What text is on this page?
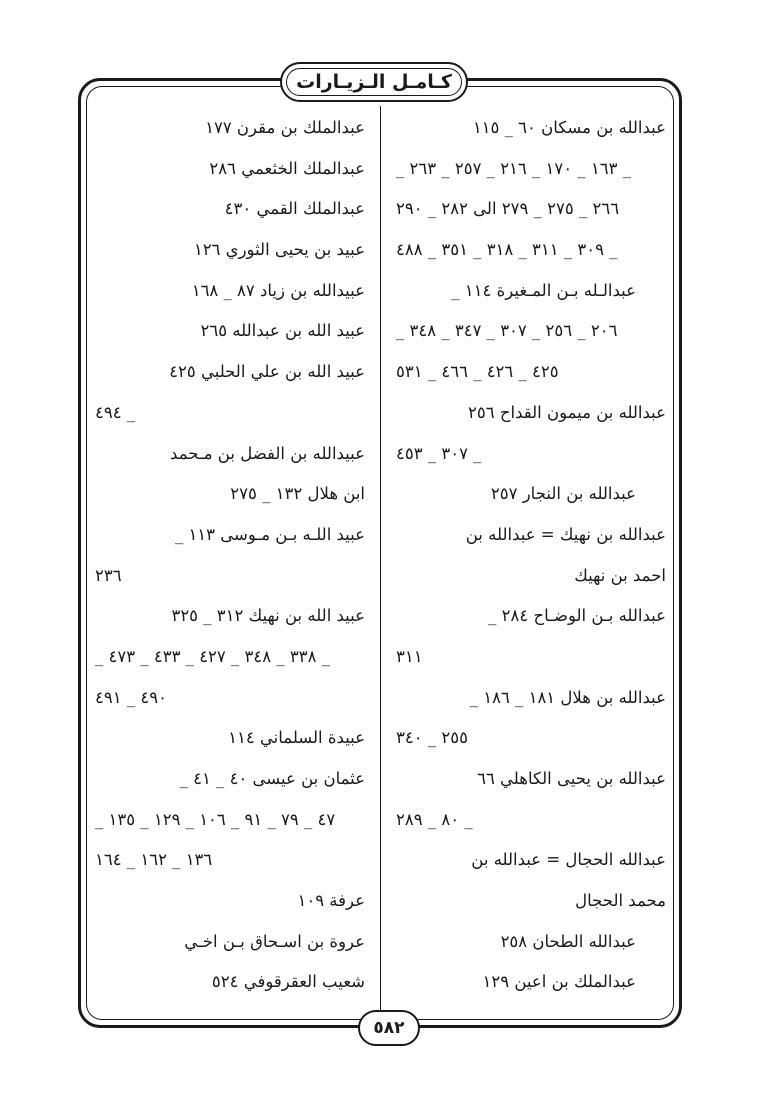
كـامـل الـزيـارات
عبدالله بن مسكان ٦٠ _ ١١٥
_ ١٦٣ _ ١٧٠ _ ٢١٦ _ ٢٥٧ _ ٢٦٣ _
٢٦٦ _ ٢٧٥ _ ٢٧٩ الى ٢٨٢ _ ٢٩٠
_ ٣٠٩ _ ٣١١ _ ٣١٨ _ ٣٥١ _ ٤٨٨
عبدالـله بـن المـغيرة ١١٤ _
٢٠٦ _ ٢٥٦ _ ٣٠٧ _ ٣٤٧ _ ٣٤٨ _
٤٢٥ _ ٤٢٦ _ ٤٦٦ _ ٥٣١
عبدالله بن ميمون القداح ٢٥٦
_ ٣٠٧ _ ٤٥٣
عبدالله بن النجار ٢٥٧
عبدالله بن نهيك = عبدالله بن
احمد بن نهيك
عبدالله بـن الوضـاح ٢٨٤ _
٣١١
عبدالله بن هلال ١٨١ _ ١٨٦ _
٢٥٥ _ ٣٤٠
عبدالله بن يحيى الكاهلي ٦٦
_ ٨٠ _ ٢٨٩
عبدالله الحجال = عبدالله بن
محمد الحجال
عبدالله الطحان ٢٥٨
عبدالملك بن اعين ١٢٩
عبدالملك بن مقرن ١٧٧
عبدالملك الخثعمي ٢٨٦
عبدالملك القمي ٤٣٠
عبيد بن يحيى الثوري ١٢٦
عبيدالله بن زياد ٨٧ _ ١٦٨
عبيد الله بن عبدالله ٢٦٥
عبيد الله بن علي الحلبي ٤٢٥
_ ٤٩٤
عبيدالله بن الفضل بن مـحمد
ابن هلال ١٣٢ _ ٢٧٥
عبيد اللـه بـن مـوسى ١١٣ _
٢٣٦
عبيد الله بن نهيك ٣١٢ _ ٣٢٥
_ ٣٣٨ _ ٣٤٨ _ ٤٢٧ _ ٤٣٣ _ ٤٧٣ _
٤٩٠ _ ٤٩١
عبيدة السلماني ١١٤
عثمان بن عيسى ٤٠ _ ٤١ _
٤٧ _ ٧٩ _ ٩١ _ ١٠٦ _ ١٢٩ _ ١٣٥ _
١٣٦ _ ١٦٢ _ ١٦٤
عرفة ١٠٩
عروة بن اسـحاق بـن اخـي
شعيب العقرقوفي ٥٢٤
٥٨٢
